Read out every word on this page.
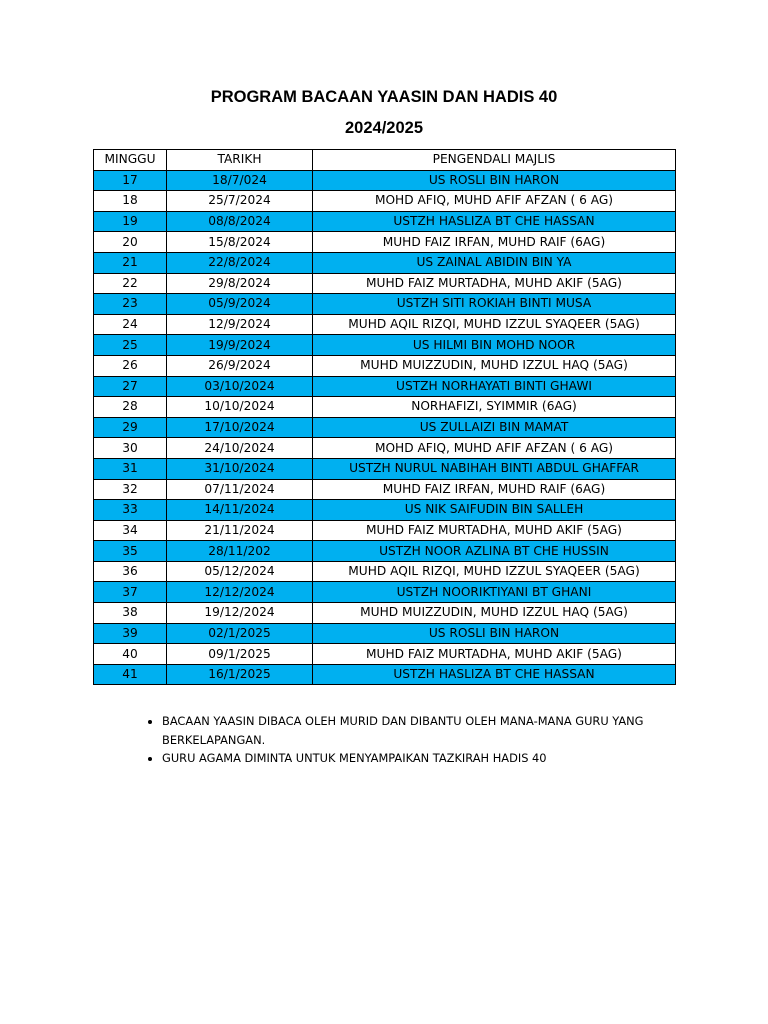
PROGRAM BACAAN YAASIN DAN HADIS 40
2024/2025
MINGGU	TARIKH	PENGENDALI MAJLIS
17	18/7/024	US ROSLI BIN HARON
18	25/7/2024	MOHD AFIQ, MUHD AFIF AFZAN ( 6 AG)
19	08/8/2024	USTZH HASLIZA BT CHE HASSAN
20	15/8/2024	MUHD FAIZ IRFAN, MUHD RAIF (6AG)
21	22/8/2024	US ZAINAL ABIDIN BIN YA
22	29/8/2024	MUHD FAIZ MURTADHA, MUHD AKIF (5AG)
23	05/9/2024	USTZH SITI ROKIAH BINTI MUSA
24	12/9/2024	MUHD AQIL RIZQI, MUHD IZZUL SYAQEER (5AG)
25	19/9/2024	US HILMI BIN MOHD NOOR
26	26/9/2024	MUHD MUIZZUDIN, MUHD IZZUL HAQ (5AG)
27	03/10/2024	USTZH NORHAYATI BINTI GHAWI
28	10/10/2024	NORHAFIZI, SYIMMIR (6AG)
29	17/10/2024	US ZULLAIZI BIN MAMAT
30	24/10/2024	MOHD AFIQ, MUHD AFIF AFZAN ( 6 AG)
31	31/10/2024	USTZH NURUL NABIHAH BINTI ABDUL GHAFFAR
32	07/11/2024	MUHD FAIZ IRFAN, MUHD RAIF (6AG)
33	14/11/2024	US NIK SAIFUDIN BIN SALLEH
34	21/11/2024	MUHD FAIZ MURTADHA, MUHD AKIF (5AG)
35	28/11/202	USTZH NOOR AZLINA BT CHE HUSSIN
36	05/12/2024	MUHD AQIL RIZQI, MUHD IZZUL SYAQEER (5AG)
37	12/12/2024	USTZH NOORIKTIYANI BT GHANI
38	19/12/2024	MUHD MUIZZUDIN, MUHD IZZUL HAQ (5AG)
39	02/1/2025	US ROSLI BIN HARON
40	09/1/2025	MUHD FAIZ MURTADHA, MUHD AKIF (5AG)
41	16/1/2025	USTZH HASLIZA BT CHE HASSAN
• BACAAN YAASIN DIBACA OLEH MURID DAN DIBANTU OLEH MANA-MANA GURU YANG BERKELAPANGAN.
• GURU AGAMA DIMINTA UNTUK MENYAMPAIKAN TAZKIRAH HADIS 40
